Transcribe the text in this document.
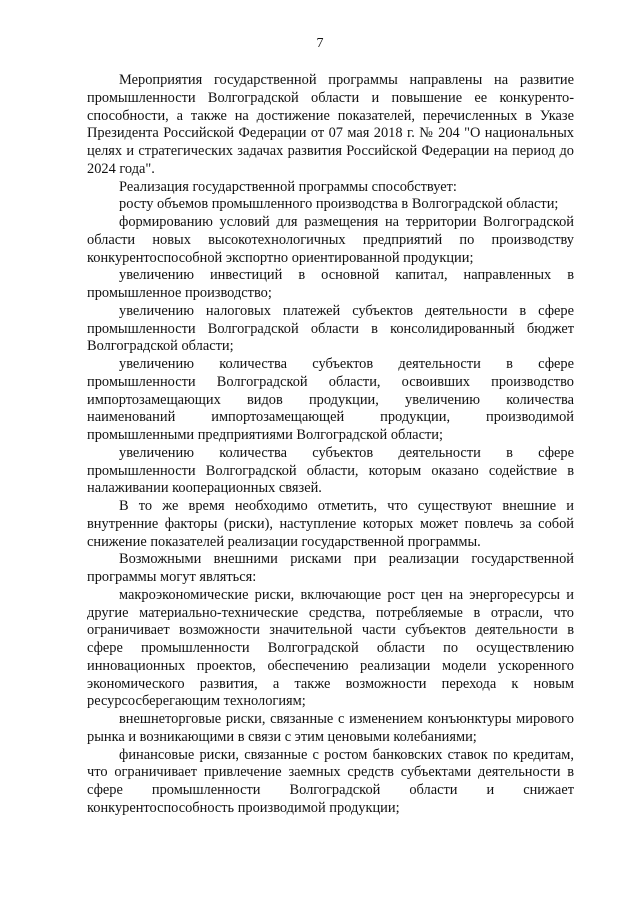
7

Мероприятия государственной программы направлены на развитие промышленности Волгоградской области и повышение ее конкурентоспособности, а также на достижение показателей, перечисленных в Указе Президента Российской Федерации от 07 мая 2018 г. № 204 "О национальных целях и стратегических задачах развития Российской Федерации на период до 2024 года".

Реализация государственной программы способствует:

росту объемов промышленного производства в Волгоградской области;

формированию условий для размещения на территории Волгоградской области новых высокотехнологичных предприятий по производству конкурентоспособной экспортно ориентированной продукции;

увеличению инвестиций в основной капитал, направленных в промышленное производство;

увеличению налоговых платежей субъектов деятельности в сфере промышленности Волгоградской области в консолидированный бюджет Волгоградской области;

увеличению количества субъектов деятельности в сфере промышленности Волгоградской области, освоивших производство импортозамещающих видов продукции, увеличению количества наименований импортозамещающей продукции, производимой промышленными предприятиями Волгоградской области;

увеличению количества субъектов деятельности в сфере промышленности Волгоградской области, которым оказано содействие в налаживании кооперационных связей.

В то же время необходимо отметить, что существуют внешние и внутренние факторы (риски), наступление которых может повлечь за собой снижение показателей реализации государственной программы.

Возможными внешними рисками при реализации государственной программы могут являться:

макроэкономические риски, включающие рост цен на энергоресурсы и другие материально-технические средства, потребляемые в отрасли, что ограничивает возможности значительной части субъектов деятельности в сфере промышленности Волгоградской области по осуществлению инновационных проектов, обеспечению реализации модели ускоренного экономического развития, а также возможности перехода к новым ресурсосберегающим технологиям;

внешнеторговые риски, связанные с изменением конъюнктуры мирового рынка и возникающими в связи с этим ценовыми колебаниями;

финансовые риски, связанные с ростом банковских ставок по кредитам, что ограничивает привлечение заемных средств субъектами деятельности в сфере промышленности Волгоградской области и снижает конкурентоспособность производимой продукции;
